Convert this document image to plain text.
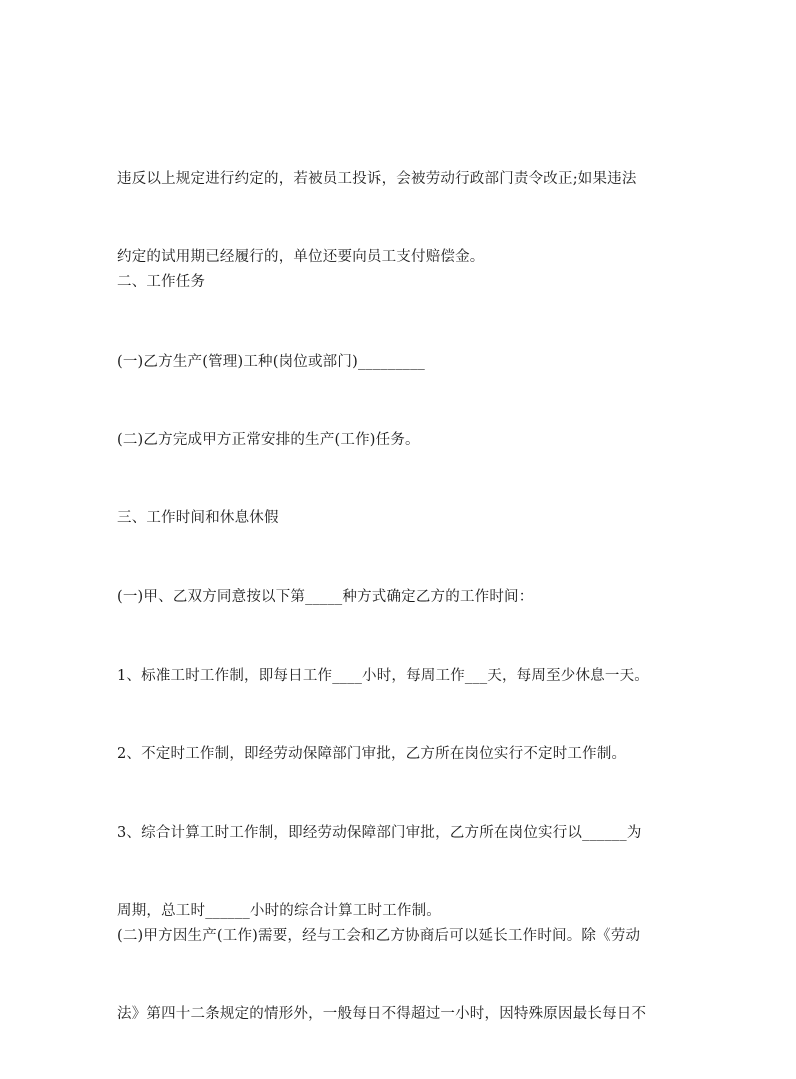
违反以上规定进行约定的，若被员工投诉，会被劳动行政部门责令改正;如果违法

约定的试用期已经履行的，单位还要向员工支付赔偿金。

二、工作任务

(一)乙方生产(管理)工种(岗位或部门)_________

(二)乙方完成甲方正常安排的生产(工作)任务。

三、工作时间和休息休假

(一)甲、乙双方同意按以下第_____种方式确定乙方的工作时间：

1、标准工时工作制，即每日工作____小时，每周工作___天，每周至少休息一天。

2、不定时工作制，即经劳动保障部门审批，乙方所在岗位实行不定时工作制。

3、综合计算工时工作制，即经劳动保障部门审批，乙方所在岗位实行以______为

周期，总工时______小时的综合计算工时工作制。

(二)甲方因生产(工作)需要，经与工会和乙方协商后可以延长工作时间。除《劳动

法》第四十二条规定的情形外，一般每日不得超过一小时，因特殊原因最长每日不
